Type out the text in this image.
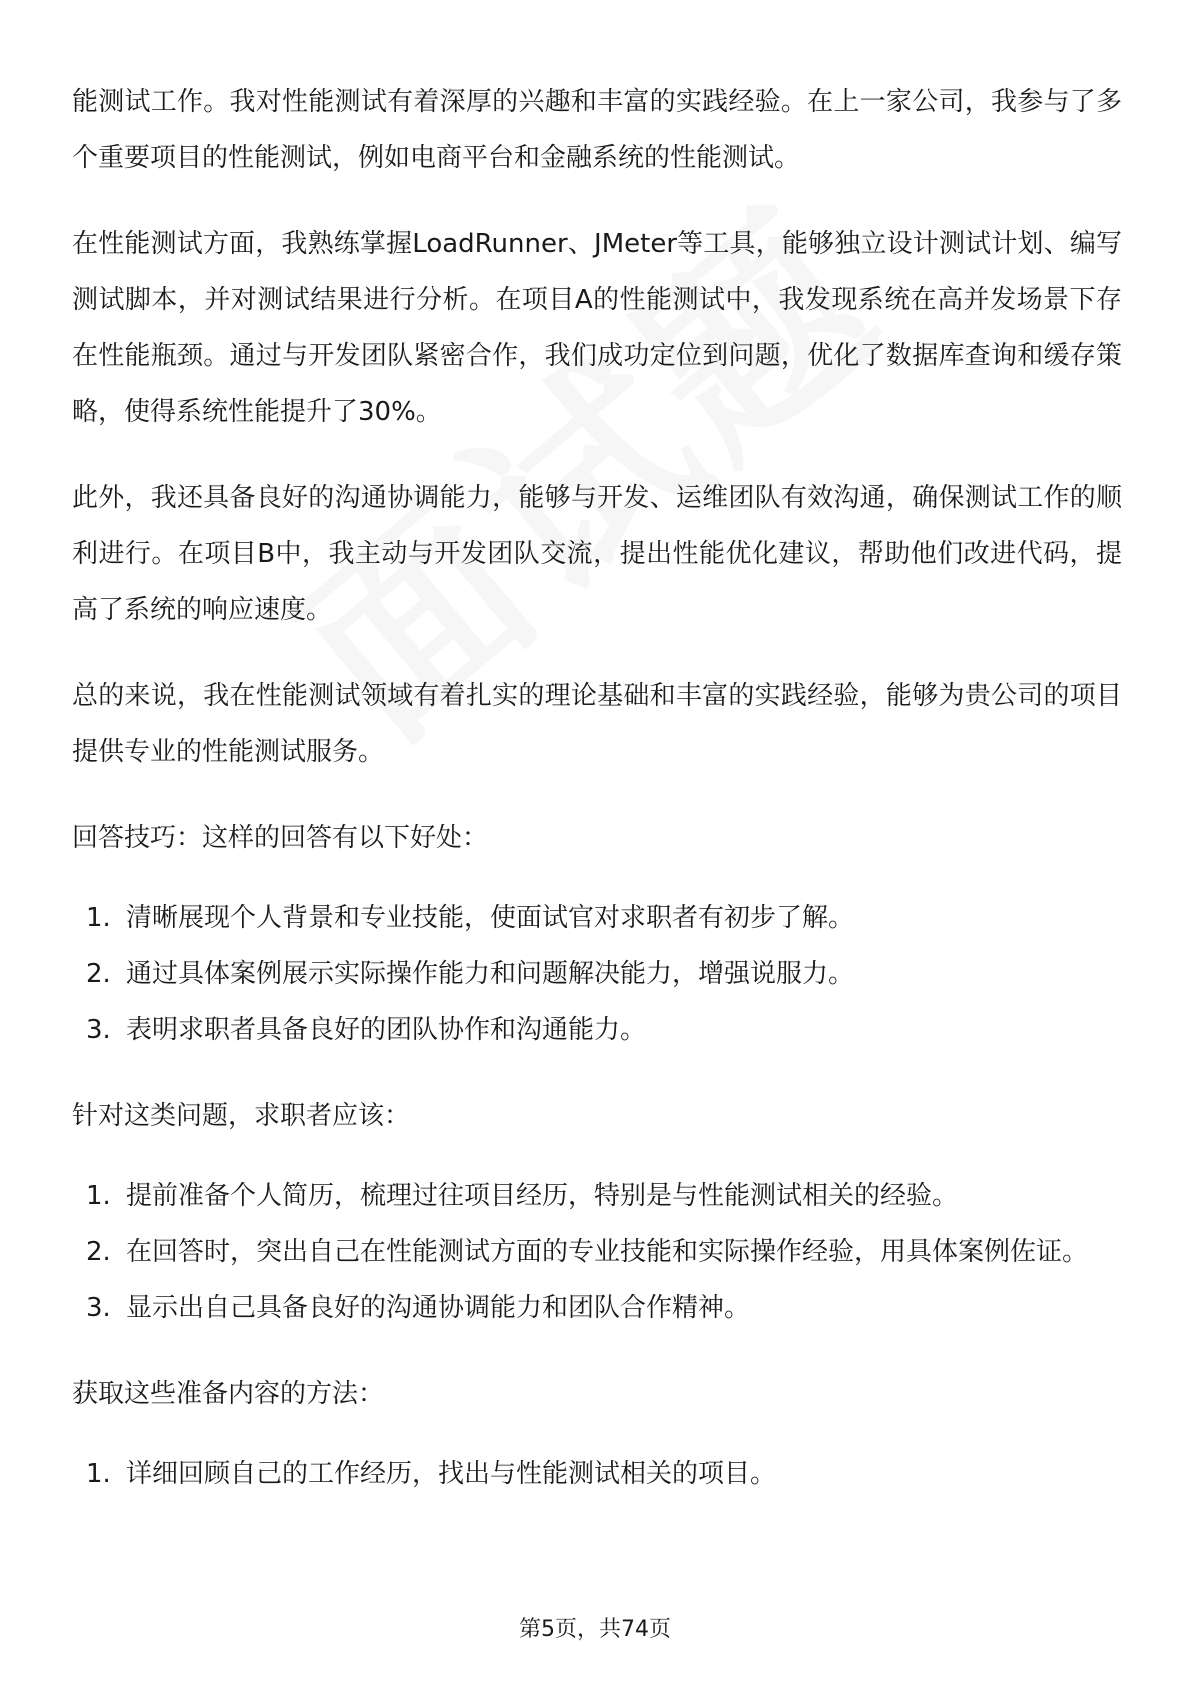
能测试工作。我对性能测试有着深厚的兴趣和丰富的实践经验。在上一家公司，我参与了多个重要项目的性能测试，例如电商平台和金融系统的性能测试。

在性能测试方面，我熟练掌握LoadRunner、JMeter等工具，能够独立设计测试计划、编写测试脚本，并对测试结果进行分析。在项目A的性能测试中，我发现系统在高并发场景下存在性能瓶颈。通过与开发团队紧密合作，我们成功定位到问题，优化了数据库查询和缓存策略，使得系统性能提升了30%。

此外，我还具备良好的沟通协调能力，能够与开发、运维团队有效沟通，确保测试工作的顺利进行。在项目B中，我主动与开发团队交流，提出性能优化建议，帮助他们改进代码，提高了系统的响应速度。

总的来说，我在性能测试领域有着扎实的理论基础和丰富的实践经验，能够为贵公司的项目提供专业的性能测试服务。

回答技巧：这样的回答有以下好处：

1. 清晰展现个人背景和专业技能，使面试官对求职者有初步了解。
2. 通过具体案例展示实际操作能力和问题解决能力，增强说服力。
3. 表明求职者具备良好的团队协作和沟通能力。

针对这类问题，求职者应该：

1. 提前准备个人简历，梳理过往项目经历，特别是与性能测试相关的经验。
2. 在回答时，突出自己在性能测试方面的专业技能和实际操作经验，用具体案例佐证。
3. 显示出自己具备良好的沟通协调能力和团队合作精神。

获取这些准备内容的方法：

1. 详细回顾自己的工作经历，找出与性能测试相关的项目。
第5页，共74页
